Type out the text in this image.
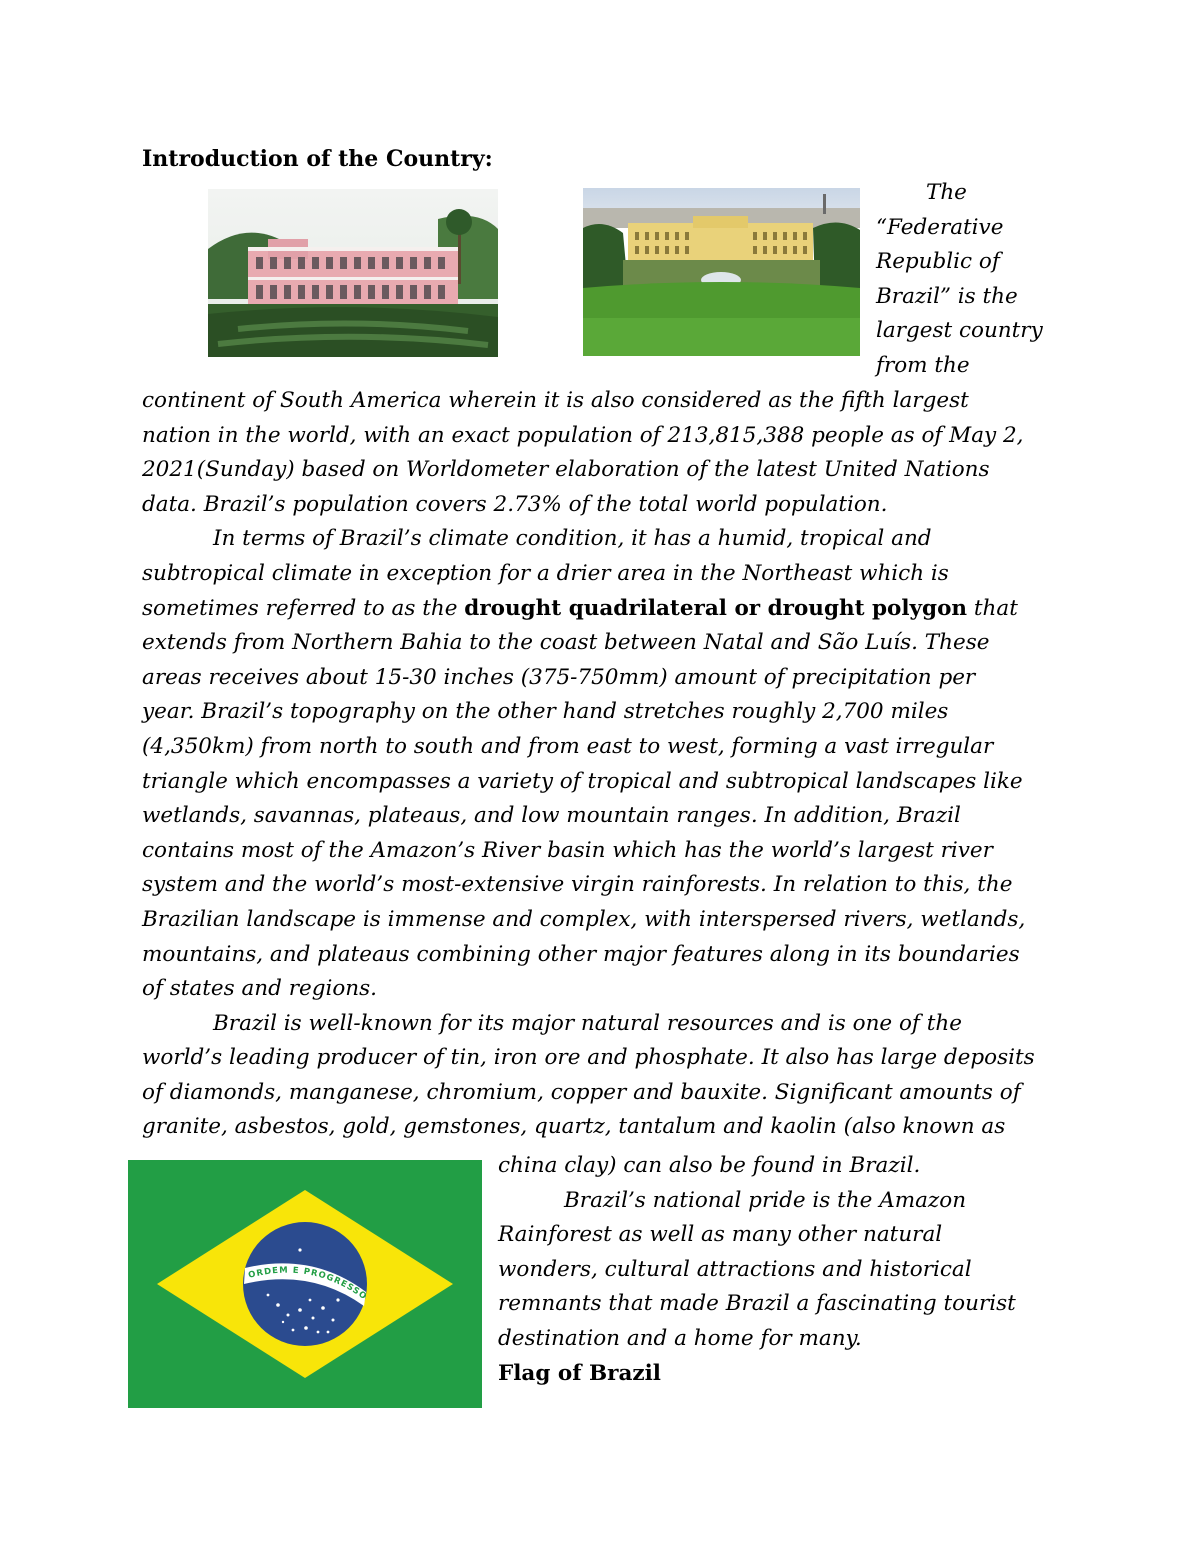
Introduction of the Country:
The
“Federative
Republic of
Brazil” is the
largest country
from the
continent of South America wherein it is also considered as the fifth largest
nation in the world, with an exact population of 213,815,388 people as of May 2,
2021(Sunday) based on Worldometer elaboration of the latest United Nations
data. Brazil’s population covers 2.73% of the total world population.
In terms of Brazil’s climate condition, it has a humid, tropical and
subtropical climate in exception for a drier area in the Northeast which is
sometimes referred to as the drought quadrilateral or drought polygon that
extends from Northern Bahia to the coast between Natal and São Luís. These
areas receives about 15-30 inches (375-750mm) amount of precipitation per
year. Brazil’s topography on the other hand stretches roughly 2,700 miles
(4,350km) from north to south and from east to west, forming a vast irregular
triangle which encompasses a variety of tropical and subtropical landscapes like
wetlands, savannas, plateaus, and low mountain ranges. In addition, Brazil
contains most of the Amazon’s River basin which has the world’s largest river
system and the world’s most-extensive virgin rainforests. In relation to this, the
Brazilian landscape is immense and complex, with interspersed rivers, wetlands,
mountains, and plateaus combining other major features along in its boundaries
of states and regions.
Brazil is well-known for its major natural resources and is one of the
world’s leading producer of tin, iron ore and phosphate. It also has large deposits
of diamonds, manganese, chromium, copper and bauxite. Significant amounts of
granite, asbestos, gold, gemstones, quartz, tantalum and kaolin (also known as
ORDEM E PROGRESSO
china clay) can also be found in Brazil.
Brazil’s national pride is the Amazon
Rainforest as well as many other natural
wonders, cultural attractions and historical
remnants that made Brazil a fascinating tourist
destination and a home for many.
Flag of Brazil
